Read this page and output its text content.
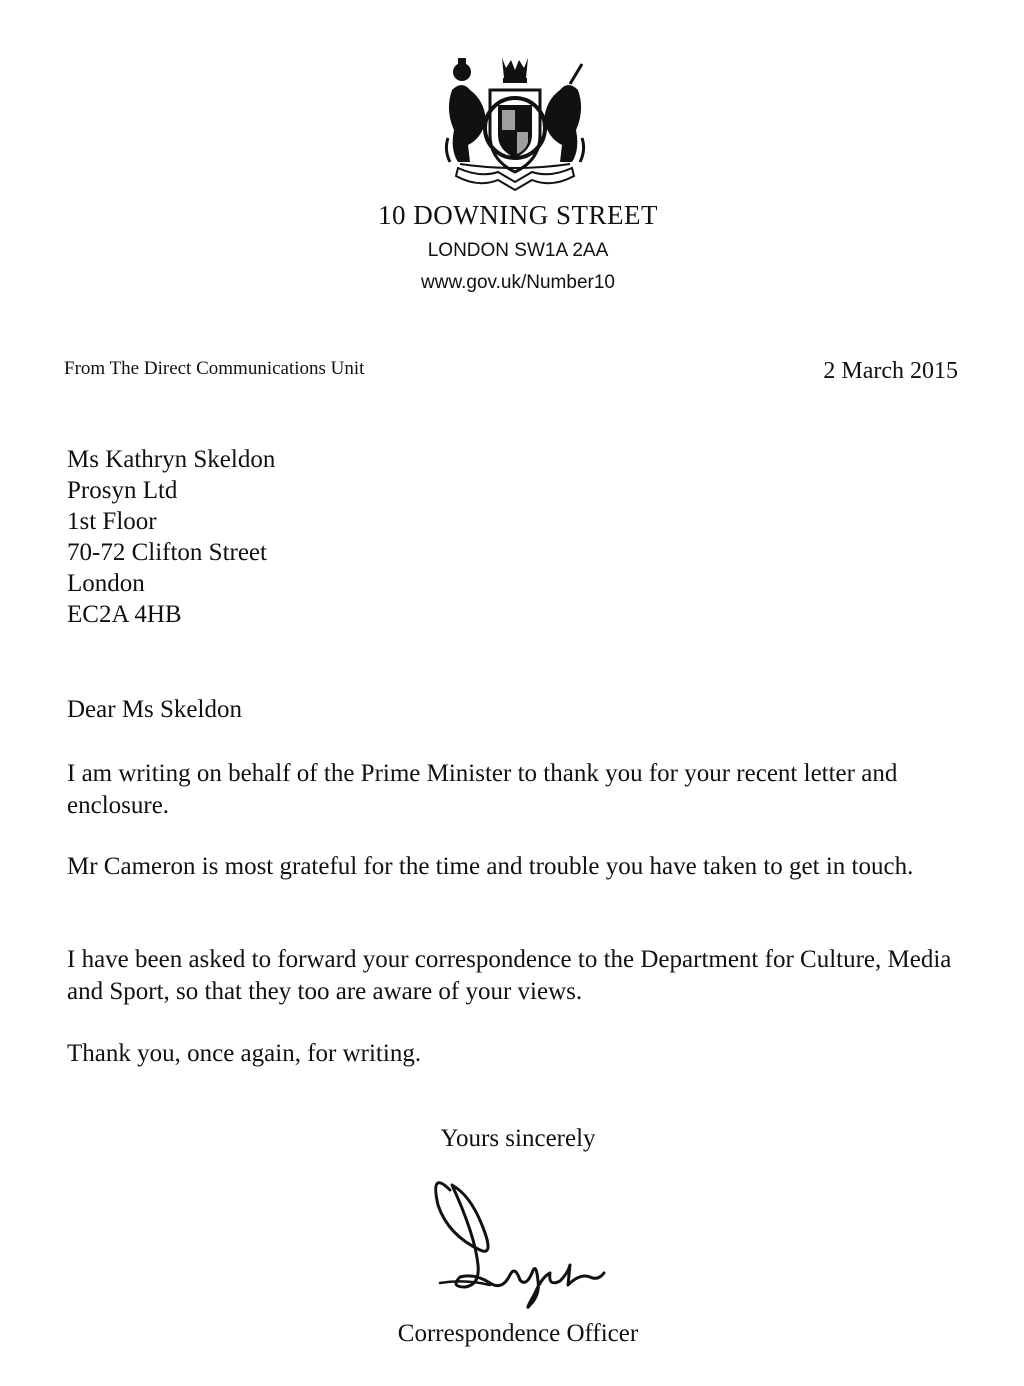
10 DOWNING STREET
LONDON SW1A 2AA
www.gov.uk/Number10
From The Direct Communications Unit	2 March 2015
Ms Kathryn Skeldon
Prosyn Ltd
1st Floor
70-72 Clifton Street
London
EC2A 4HB
Dear Ms Skeldon
I am writing on behalf of the Prime Minister to thank you for your recent letter and enclosure.
Mr Cameron is most grateful for the time and trouble you have taken to get in touch.
I have been asked to forward your correspondence to the Department for Culture, Media and Sport, so that they too are aware of your views.
Thank you, once again, for writing.
Yours sincerely
Correspondence Officer
